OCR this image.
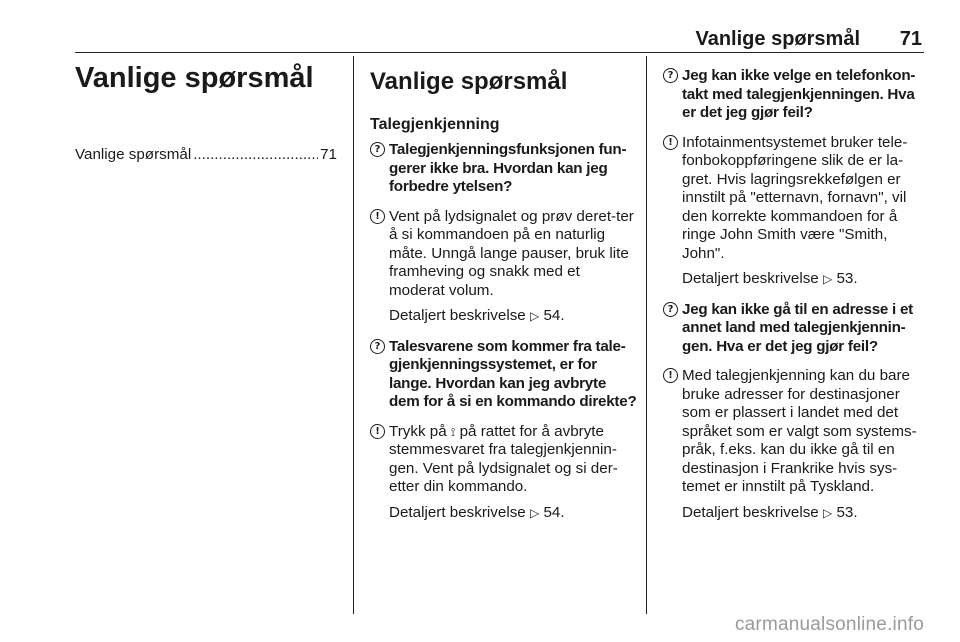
Vanlige spørsmål 71
Vanlige spørsmål
Vanlige spørsmål
.....	71
Vanlige spørsmål
Talegjenkjenning
? Talegjenkjenningsfunksjonen fun-gerer ikke bra. Hvordan kan jeg forbedre ytelsen?
! Vent på lydsignalet og prøv deret-ter å si kommandoen på en naturlig måte. Unngå lange pauser, bruk lite framheving og snakk med et moderat volum.
Detaljert beskrivelse ▷ 54.
? Talesvarene som kommer fra tale-gjenkjenningssystemet, er for lange. Hvordan kan jeg avbryte dem for å si en kommando direkte?
! Trykk på ⟟ på rattet for å avbryte stemmesvaret fra talegjenkjennin-gen. Vent på lydsignalet og si der-etter din kommando.
Detaljert beskrivelse ▷ 54.
? Jeg kan ikke velge en telefonkon-takt med talegjenkjenningen. Hva er det jeg gjør feil?
! Infotainmentsystemet bruker tele-fonbokoppføringene slik de er la-gret. Hvis lagringsrekkefølgen er innstilt på "etternavn, fornavn", vil den korrekte kommandoen for å ringe John Smith være "Smith, John".
Detaljert beskrivelse ▷ 53.
? Jeg kan ikke gå til en adresse i et annet land med talegjenkjennin-gen. Hva er det jeg gjør feil?
! Med talegjenkjenning kan du bare bruke adresser for destinasjoner som er plassert i landet med det språket som er valgt som systems-pråk, f.eks. kan du ikke gå til en destinasjon i Frankrike hvis sys-temet er innstilt på Tyskland.
Detaljert beskrivelse ▷ 53.
carmanualsonline.info
